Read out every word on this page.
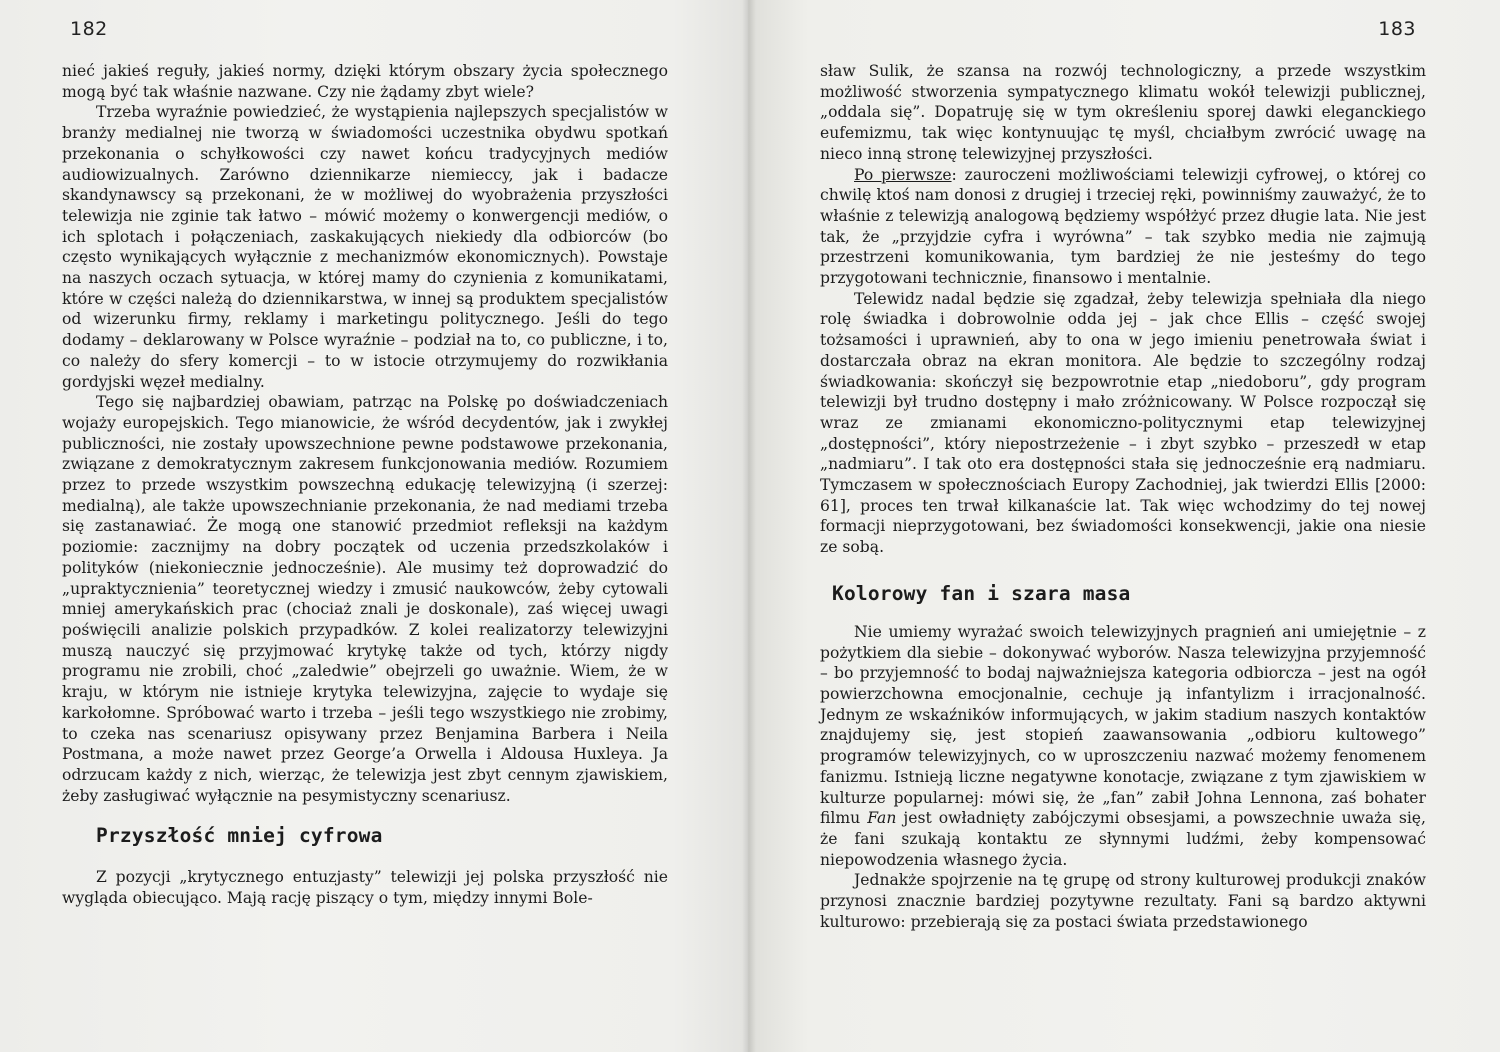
182

nieć jakieś reguły, jakieś normy, dzięki którym obszary życia społecznego mogą być tak właśnie nazwane. Czy nie żądamy zbyt wiele?

Trzeba wyraźnie powiedzieć, że wystąpienia najlepszych specjalistów w branży medialnej nie tworzą w świadomości uczestnika obydwu spotkań przekonania o schyłkowości czy nawet końcu tradycyjnych mediów audiowizualnych. Zarówno dziennikarze niemieccy, jak i badacze skandynawscy są przekonani, że w możliwej do wyobrażenia przyszłości telewizja nie zginie tak łatwo – mówić możemy o konwergencji mediów, o ich splotach i połączeniach, zaskakujących niekiedy dla odbiorców (bo często wynikających wyłącznie z mechanizmów ekonomicznych). Powstaje na naszych oczach sytuacja, w której mamy do czynienia z komunikatami, które w części należą do dziennikarstwa, w innej są produktem specjalistów od wizerunku firmy, reklamy i marketingu politycznego. Jeśli do tego dodamy – deklarowany w Polsce wyraźnie – podział na to, co publiczne, i to, co należy do sfery komercji – to w istocie otrzymujemy do rozwikłania gordyjski węzeł medialny.

Tego się najbardziej obawiam, patrząc na Polskę po doświadczeniach wojaży europejskich. Tego mianowicie, że wśród decydentów, jak i zwykłej publiczności, nie zostały upowszechnione pewne podstawowe przekonania, związane z demokratycznym zakresem funkcjonowania mediów. Rozumiem przez to przede wszystkim powszechną edukację telewizyjną (i szerzej: medialną), ale także upowszechnianie przekonania, że nad mediami trzeba się zastanawiać. Że mogą one stanowić przedmiot refleksji na każdym poziomie: zacznijmy na dobry początek od uczenia przedszkolaków i polityków (niekoniecznie jednocześnie). Ale musimy też doprowadzić do „upraktycznienia” teoretycznej wiedzy i zmusić naukowców, żeby cytowali mniej amerykańskich prac (chociaż znali je doskonale), zaś więcej uwagi poświęcili analizie polskich przypadków. Z kolei realizatorzy telewizyjni muszą nauczyć się przyjmować krytykę także od tych, którzy nigdy programu nie zrobili, choć „zaledwie” obejrzeli go uważnie. Wiem, że w kraju, w którym nie istnieje krytyka telewizyjna, zajęcie to wydaje się karkołomne. Spróbować warto i trzeba – jeśli tego wszystkiego nie zrobimy, to czeka nas scenariusz opisywany przez Benjamina Barbera i Neila Postmana, a może nawet przez George’a Orwella i Aldousa Huxleya. Ja odrzucam każdy z nich, wierząc, że telewizja jest zbyt cennym zjawiskiem, żeby zasługiwać wyłącznie na pesymistyczny scenariusz.

Przyszłość mniej cyfrowa

Z pozycji „krytycznego entuzjasty” telewizji jej polska przyszłość nie wygląda obiecująco. Mają rację piszący o tym, między innymi Bole-

183

sław Sulik, że szansa na rozwój technologiczny, a przede wszystkim możliwość stworzenia sympatycznego klimatu wokół telewizji publicznej, „oddala się”. Dopatruję się w tym określeniu sporej dawki eleganckiego eufemizmu, tak więc kontynuując tę myśl, chciałbym zwrócić uwagę na nieco inną stronę telewizyjnej przyszłości.

Po pierwsze: zauroczeni możliwościami telewizji cyfrowej, o której co chwilę ktoś nam donosi z drugiej i trzeciej ręki, powinniśmy zauważyć, że to właśnie z telewizją analogową będziemy współżyć przez długie lata. Nie jest tak, że „przyjdzie cyfra i wyrówna” – tak szybko media nie zajmują przestrzeni komunikowania, tym bardziej że nie jesteśmy do tego przygotowani technicznie, finansowo i mentalnie.

Telewidz nadal będzie się zgadzał, żeby telewizja spełniała dla niego rolę świadka i dobrowolnie odda jej – jak chce Ellis – część swojej tożsamości i uprawnień, aby to ona w jego imieniu penetrowała świat i dostarczała obraz na ekran monitora. Ale będzie to szczególny rodzaj świadkowania: skończył się bezpowrotnie etap „niedoboru”, gdy program telewizji był trudno dostępny i mało zróżnicowany. W Polsce rozpoczął się wraz ze zmianami ekonomiczno-politycznymi etap telewizyjnej „dostępności”, który niepostrzeżenie – i zbyt szybko – przeszedł w etap „nadmiaru”. I tak oto era dostępności stała się jednocześnie erą nadmiaru. Tymczasem w społecznościach Europy Zachodniej, jak twierdzi Ellis [2000: 61], proces ten trwał kilkanaście lat. Tak więc wchodzimy do tej nowej formacji nieprzygotowani, bez świadomości konsekwencji, jakie ona niesie ze sobą.

Kolorowy fan i szara masa

Nie umiemy wyrażać swoich telewizyjnych pragnień ani umiejętnie – z pożytkiem dla siebie – dokonywać wyborów. Nasza telewizyjna przyjemność – bo przyjemność to bodaj najważniejsza kategoria odbiorcza – jest na ogół powierzchowna emocjonalnie, cechuje ją infantylizm i irracjonalność. Jednym ze wskaźników informujących, w jakim stadium naszych kontaktów znajdujemy się, jest stopień zaawansowania „odbioru kultowego” programów telewizyjnych, co w uproszczeniu nazwać możemy fenomenem fanizmu. Istnieją liczne negatywne konotacje, związane z tym zjawiskiem w kulturze popularnej: mówi się, że „fan” zabił Johna Lennona, zaś bohater filmu Fan jest owładnięty zabójczymi obsesjami, a powszechnie uważa się, że fani szukają kontaktu ze słynnymi ludźmi, żeby kompensować niepowodzenia własnego życia.

Jednakże spojrzenie na tę grupę od strony kulturowej produkcji znaków przynosi znacznie bardziej pozytywne rezultaty. Fani są bardzo aktywni kulturowo: przebierają się za postaci świata przedstawionego
